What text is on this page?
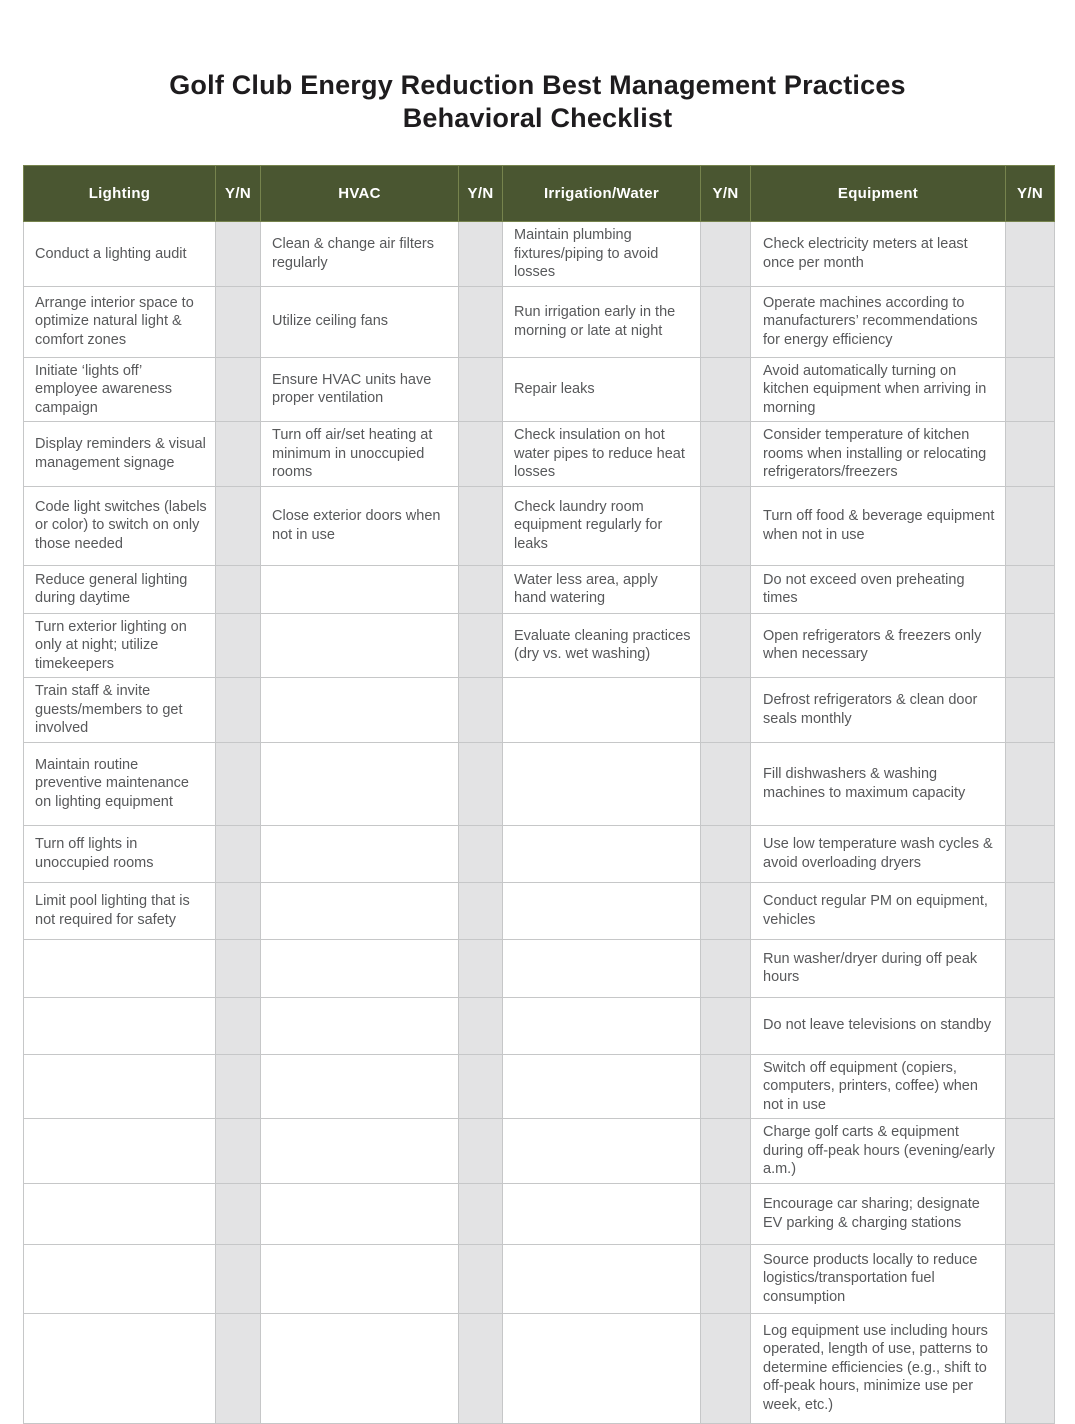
Golf Club Energy Reduction Best Management Practices
Behavioral Checklist
Lighting	Y/N	HVAC	Y/N	Irrigation/Water	Y/N	Equipment	Y/N
Conduct a lighting audit		Clean & change air filters regularly		Maintain plumbing fixtures/piping to avoid losses		Check electricity meters at least once per month	
Arrange interior space to optimize natural light & comfort zones		Utilize ceiling fans		Run irrigation early in the morning or late at night		Operate machines according to manufacturers’ recommendations for energy efficiency	
Initiate ‘lights off’ employee awareness campaign		Ensure HVAC units have proper ventilation		Repair leaks		Avoid automatically turning on kitchen equipment when arriving in morning	
Display reminders & visual management signage		Turn off air/set heating at minimum in unoccupied rooms		Check insulation on hot water pipes to reduce heat losses		Consider temperature of kitchen rooms when installing or relocating refrigerators/freezers	
Code light switches (labels or color) to switch on only those needed		Close exterior doors when not in use		Check laundry room equipment regularly for leaks		Turn off food & beverage equipment when not in use	
Reduce general lighting during daytime				Water less area, apply hand watering		Do not exceed oven preheating times	
Turn exterior lighting on only at night; utilize timekeepers				Evaluate cleaning practices (dry vs. wet washing)		Open refrigerators & freezers only when necessary	
Train staff & invite guests/members to get involved						Defrost refrigerators & clean door seals monthly	
Maintain routine preventive maintenance on lighting equipment						Fill dishwashers & washing machines to maximum capacity	
Turn off lights in unoccupied rooms						Use low temperature wash cycles & avoid overloading dryers	
Limit pool lighting that is not required for safety						Conduct regular PM on equipment, vehicles	
						Run washer/dryer during off peak hours	
						Do not leave televisions on standby	
						Switch off equipment (copiers, computers, printers, coffee) when not in use	
						Charge golf carts & equipment during off-peak hours (evening/early a.m.)	
						Encourage car sharing; designate EV parking & charging stations	
						Source products locally to reduce logistics/transportation fuel consumption	
						Log equipment use including hours operated, length of use, patterns to determine efficiencies (e.g., shift to off-peak hours, minimize use per week, etc.)	
